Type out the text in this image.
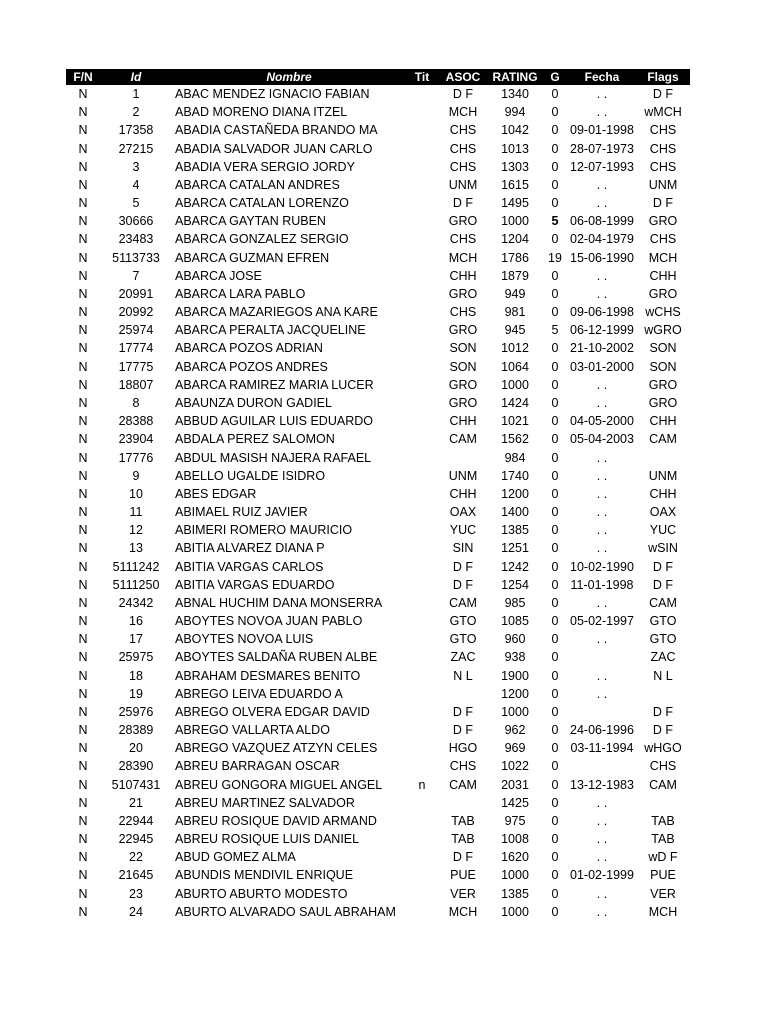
F/N	Id	Nombre	Tit	ASOC	RATING	G	Fecha	Flags
N	1	ABAC MENDEZ IGNACIO FABIAN		D F	1340	0	. .	D F
N	2	ABAD MORENO DIANA ITZEL		MCH	994	0	. .	wMCH
N	17358	ABADIA CASTAÑEDA BRANDO MA		CHS	1042	0	09-01-1998	CHS
N	27215	ABADIA SALVADOR JUAN CARLO		CHS	1013	0	28-07-1973	CHS
N	3	ABADIA VERA SERGIO JORDY		CHS	1303	0	12-07-1993	CHS
N	4	ABARCA CATALAN ANDRES		UNM	1615	0	. .	UNM
N	5	ABARCA CATALAN LORENZO		D F	1495	0	. .	D F
N	30666	ABARCA GAYTAN RUBEN		GRO	1000	5	06-08-1999	GRO
N	23483	ABARCA GONZALEZ SERGIO		CHS	1204	0	02-04-1979	CHS
N	5113733	ABARCA GUZMAN EFREN		MCH	1786	19	15-06-1990	MCH
N	7	ABARCA JOSE		CHH	1879	0	. .	CHH
N	20991	ABARCA LARA PABLO		GRO	949	0	. .	GRO
N	20992	ABARCA MAZARIEGOS ANA KARE		CHS	981	0	09-06-1998	wCHS
N	25974	ABARCA PERALTA JACQUELINE		GRO	945	5	06-12-1999	wGRO
N	17774	ABARCA POZOS ADRIAN		SON	1012	0	21-10-2002	SON
N	17775	ABARCA POZOS ANDRES		SON	1064	0	03-01-2000	SON
N	18807	ABARCA RAMIREZ MARIA LUCER		GRO	1000	0	. .	GRO
N	8	ABAUNZA DURON GADIEL		GRO	1424	0	. .	GRO
N	28388	ABBUD AGUILAR LUIS EDUARDO		CHH	1021	0	04-05-2000	CHH
N	23904	ABDALA PEREZ SALOMON		CAM	1562	0	05-04-2003	CAM
N	17776	ABDUL MASISH NAJERA RAFAEL			984	0	. .	
N	9	ABELLO UGALDE ISIDRO		UNM	1740	0	. .	UNM
N	10	ABES EDGAR		CHH	1200	0	. .	CHH
N	11	ABIMAEL RUIZ JAVIER		OAX	1400	0	. .	OAX
N	12	ABIMERI ROMERO MAURICIO		YUC	1385	0	. .	YUC
N	13	ABITIA ALVAREZ DIANA P		SIN	1251	0	. .	wSIN
N	5111242	ABITIA VARGAS CARLOS		D F	1242	0	10-02-1990	D F
N	5111250	ABITIA VARGAS EDUARDO		D F	1254	0	11-01-1998	D F
N	24342	ABNAL HUCHIM DANA MONSERRA		CAM	985	0	. .	CAM
N	16	ABOYTES NOVOA JUAN PABLO		GTO	1085	0	05-02-1997	GTO
N	17	ABOYTES NOVOA LUIS		GTO	960	0	. .	GTO
N	25975	ABOYTES SALDAÑA RUBEN ALBE		ZAC	938	0		ZAC
N	18	ABRAHAM DESMARES BENITO		N L	1900	0	. .	N L
N	19	ABREGO LEIVA EDUARDO A			1200	0	. .	
N	25976	ABREGO OLVERA EDGAR DAVID		D F	1000	0		D F
N	28389	ABREGO VALLARTA ALDO		D F	962	0	24-06-1996	D F
N	20	ABREGO VAZQUEZ ATZYN CELES		HGO	969	0	03-11-1994	wHGO
N	28390	ABREU BARRAGAN OSCAR		CHS	1022	0		CHS
N	5107431	ABREU GONGORA MIGUEL ANGEL	n	CAM	2031	0	13-12-1983	CAM
N	21	ABREU MARTINEZ SALVADOR			1425	0	. .	
N	22944	ABREU ROSIQUE DAVID ARMAND		TAB	975	0	. .	TAB
N	22945	ABREU ROSIQUE LUIS DANIEL		TAB	1008	0	. .	TAB
N	22	ABUD GOMEZ ALMA		D F	1620	0	. .	wD F
N	21645	ABUNDIS MENDIVIL ENRIQUE		PUE	1000	0	01-02-1999	PUE
N	23	ABURTO ABURTO MODESTO		VER	1385	0	. .	VER
N	24	ABURTO ALVARADO SAUL ABRAHAM		MCH	1000	0	. .	MCH
